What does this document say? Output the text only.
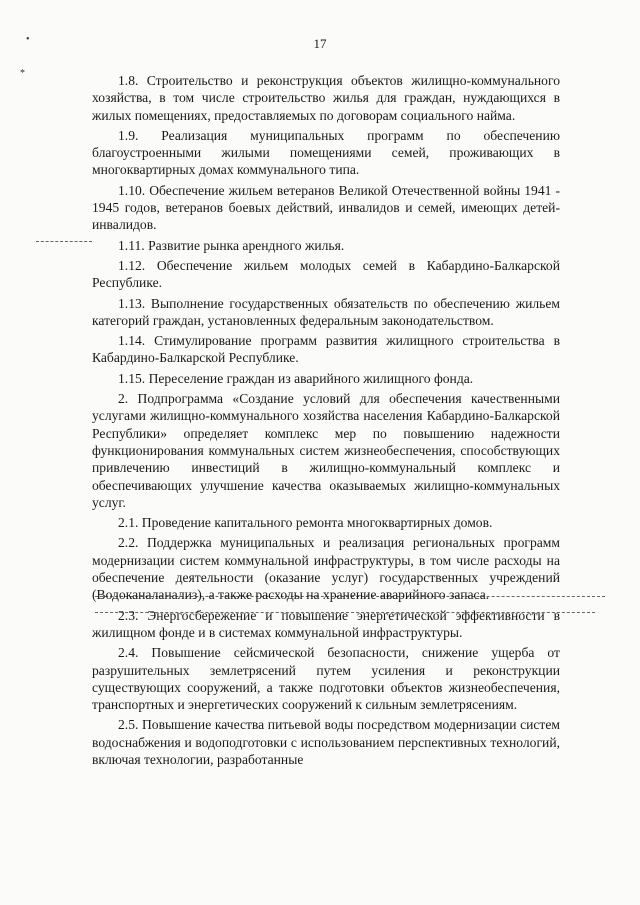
•
*
17

1.8. Строительство и реконструкция объектов жилищно-коммунального хозяйства, в том числе строительство жилья для граждан, нуждающихся в жилых помещениях, предоставляемых по договорам социального найма.

1.9. Реализация муниципальных программ по обеспечению благоустроенными жилыми помещениями семей, проживающих в многоквартирных домах коммунального типа.

1.10. Обеспечение жильем ветеранов Великой Отечественной войны 1941 - 1945 годов, ветеранов боевых действий, инвалидов и семей, имеющих детей-инвалидов.

1.11. Развитие рынка арендного жилья.

1.12. Обеспечение жильем молодых семей в Кабардино-Балкарской Республике.

1.13. Выполнение государственных обязательств по обеспечению жильем категорий граждан, установленных федеральным законодательством.

1.14. Стимулирование программ развития жилищного строительства в Кабардино-Балкарской Республике.

1.15. Переселение граждан из аварийного жилищного фонда.

2. Подпрограмма «Создание условий для обеспечения качественными услугами жилищно-коммунального хозяйства населения Кабардино-Балкарской Республики» определяет комплекс мер по повышению надежности функционирования коммунальных систем жизнеобеспечения, способствующих привлечению инвестиций в жилищно-коммунальный комплекс и обеспечивающих улучшение качества оказываемых жилищно-коммунальных услуг.

2.1. Проведение капитального ремонта многоквартирных домов.

2.2. Поддержка муниципальных и реализация региональных программ модернизации систем коммунальной инфраструктуры, в том числе расходы на обеспечение деятельности (оказание услуг) государственных учреждений (Водоканаланализ), а также расходы на хранение аварийного запаса.

2.3. Энергосбережение и повышение энергетической эффективности в жилищном фонде и в системах коммунальной инфраструктуры.

2.4. Повышение сейсмической безопасности, снижение ущерба от разрушительных землетрясений путем усиления и реконструкции существующих сооружений, а также подготовки объектов жизнеобеспечения, транспортных и энергетических сооружений к сильным землетрясениям.

2.5. Повышение качества питьевой воды посредством модернизации систем водоснабжения и водоподготовки с использованием перспективных технологий, включая технологии, разработанные
